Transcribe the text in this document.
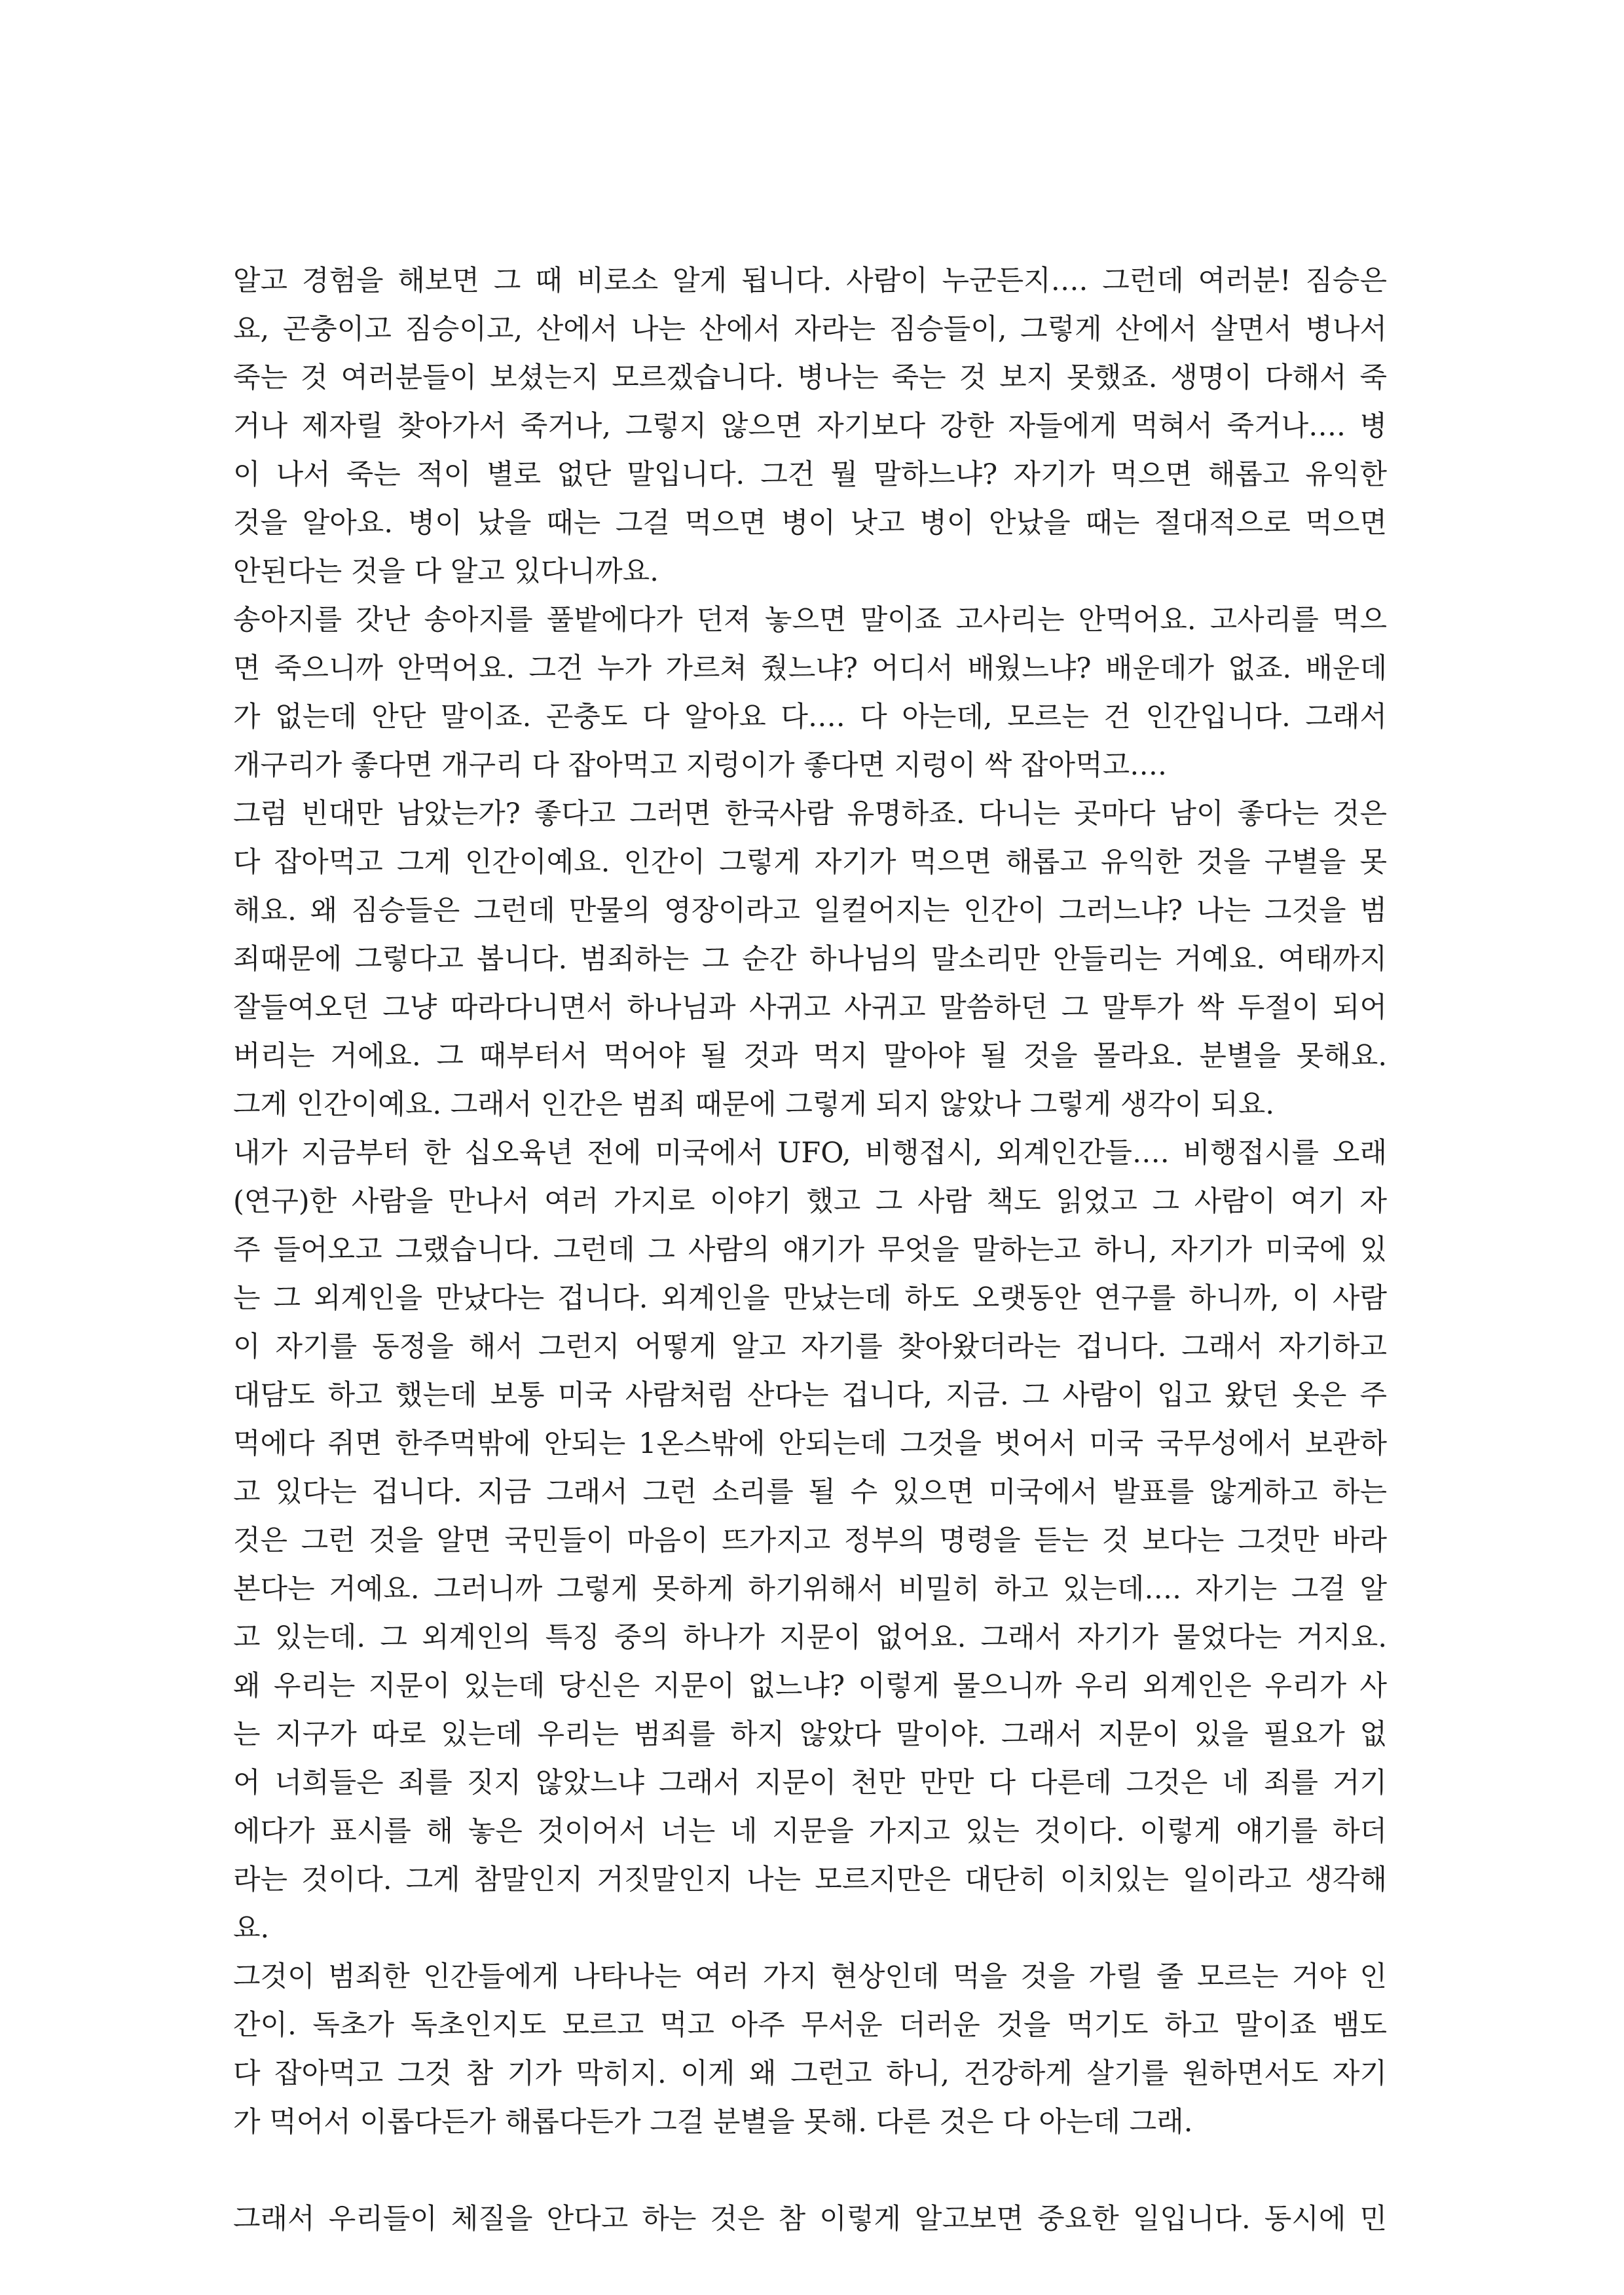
알고 경험을 해보면 그 때 비로소 알게 됩니다. 사람이 누군든지…. 그런데 여러분! 짐승은
요, 곤충이고 짐승이고, 산에서 나는 산에서 자라는 짐승들이, 그렇게 산에서 살면서 병나서
죽는 것 여러분들이 보셨는지 모르겠습니다. 병나는 죽는 것 보지 못했죠. 생명이 다해서 죽
거나 제자릴 찾아가서 죽거나, 그렇지 않으면 자기보다 강한 자들에게 먹혀서 죽거나…. 병
이 나서 죽는 적이 별로 없단 말입니다. 그건 뭘 말하느냐? 자기가 먹으면 해롭고 유익한
것을 알아요. 병이 났을 때는 그걸 먹으면 병이 낫고 병이 안났을 때는 절대적으로 먹으면
안된다는 것을 다 알고 있다니까요.
송아지를 갓난 송아지를 풀밭에다가 던져 놓으면 말이죠 고사리는 안먹어요. 고사리를 먹으
면 죽으니까 안먹어요. 그건 누가 가르쳐 줬느냐? 어디서 배웠느냐? 배운데가 없죠. 배운데
가 없는데 안단 말이죠. 곤충도 다 알아요 다…. 다 아는데, 모르는 건 인간입니다. 그래서
개구리가 좋다면 개구리 다 잡아먹고 지렁이가 좋다면 지렁이 싹 잡아먹고….
그럼 빈대만 남았는가? 좋다고 그러면 한국사람 유명하죠. 다니는 곳마다 남이 좋다는 것은
다 잡아먹고 그게 인간이예요. 인간이 그렇게 자기가 먹으면 해롭고 유익한 것을 구별을 못
해요. 왜 짐승들은 그런데 만물의 영장이라고 일컬어지는 인간이 그러느냐? 나는 그것을 범
죄때문에 그렇다고 봅니다. 범죄하는 그 순간 하나님의 말소리만 안들리는 거예요. 여태까지
잘들여오던 그냥 따라다니면서 하나님과 사귀고 사귀고 말씀하던 그 말투가 싹 두절이 되어
버리는 거에요. 그 때부터서 먹어야 될 것과 먹지 말아야 될 것을 몰라요. 분별을 못해요.
그게 인간이예요. 그래서 인간은 범죄 때문에 그렇게 되지 않았나 그렇게 생각이 되요.
내가 지금부터 한 십오육년 전에 미국에서 UFO, 비행접시, 외계인간들…. 비행접시를 오래
(연구)한 사람을 만나서 여러 가지로 이야기 했고 그 사람 책도 읽었고 그 사람이 여기 자
주 들어오고 그랬습니다. 그런데 그 사람의 얘기가 무엇을 말하는고 하니, 자기가 미국에 있
는 그 외계인을 만났다는 겁니다. 외계인을 만났는데 하도 오랫동안 연구를 하니까, 이 사람
이 자기를 동정을 해서 그런지 어떻게 알고 자기를 찾아왔더라는 겁니다. 그래서 자기하고
대담도 하고 했는데 보통 미국 사람처럼 산다는 겁니다, 지금. 그 사람이 입고 왔던 옷은 주
먹에다 쥐면 한주먹밖에 안되는 1온스밖에 안되는데 그것을 벗어서 미국 국무성에서 보관하
고 있다는 겁니다. 지금 그래서 그런 소리를 될 수 있으면 미국에서 발표를 않게하고 하는
것은 그런 것을 알면 국민들이 마음이 뜨가지고 정부의 명령을 듣는 것 보다는 그것만 바라
본다는 거예요. 그러니까 그렇게 못하게 하기위해서 비밀히 하고 있는데…. 자기는 그걸 알
고 있는데. 그 외계인의 특징 중의 하나가 지문이 없어요. 그래서 자기가 물었다는 거지요.
왜 우리는 지문이 있는데 당신은 지문이 없느냐? 이렇게 물으니까 우리 외계인은 우리가 사
는 지구가 따로 있는데 우리는 범죄를 하지 않았다 말이야. 그래서 지문이 있을 필요가 없
어 너희들은 죄를 짓지 않았느냐 그래서 지문이 천만 만만 다 다른데 그것은 네 죄를 거기
에다가 표시를 해 놓은 것이어서 너는 네 지문을 가지고 있는 것이다. 이렇게 얘기를 하더
라는 것이다. 그게 참말인지 거짓말인지 나는 모르지만은 대단히 이치있는 일이라고 생각해
요.
그것이 범죄한 인간들에게 나타나는 여러 가지 현상인데 먹을 것을 가릴 줄 모르는 거야 인
간이. 독초가 독초인지도 모르고 먹고 아주 무서운 더러운 것을 먹기도 하고 말이죠 뱀도
다 잡아먹고 그것 참 기가 막히지. 이게 왜 그런고 하니, 건강하게 살기를 원하면서도 자기
가 먹어서 이롭다든가 해롭다든가 그걸 분별을 못해. 다른 것은 다 아는데 그래.
그래서 우리들이 체질을 안다고 하는 것은 참 이렇게 알고보면 중요한 일입니다. 동시에 민
